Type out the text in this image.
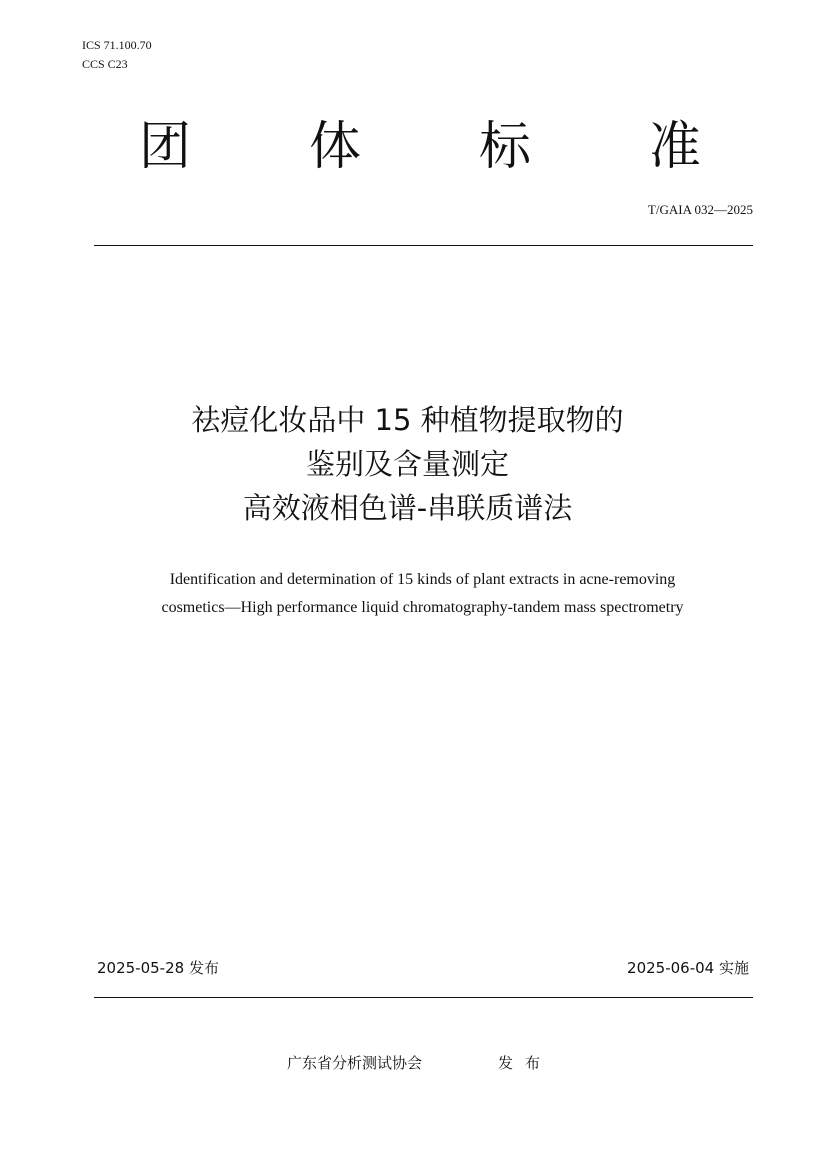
ICS 71.100.70
CCS C23
团	体	标	准
T/GAIA 032—2025
祛痘化妆品中 15 种植物提取物的
鉴别及含量测定
高效液相色谱-串联质谱法
Identification and determination of 15 kinds of plant extracts in acne-removing
cosmetics—High performance liquid chromatography-tandem mass spectrometry
2025-05-28 发布	2025-06-04 实施
广东省分析测试协会	发布
